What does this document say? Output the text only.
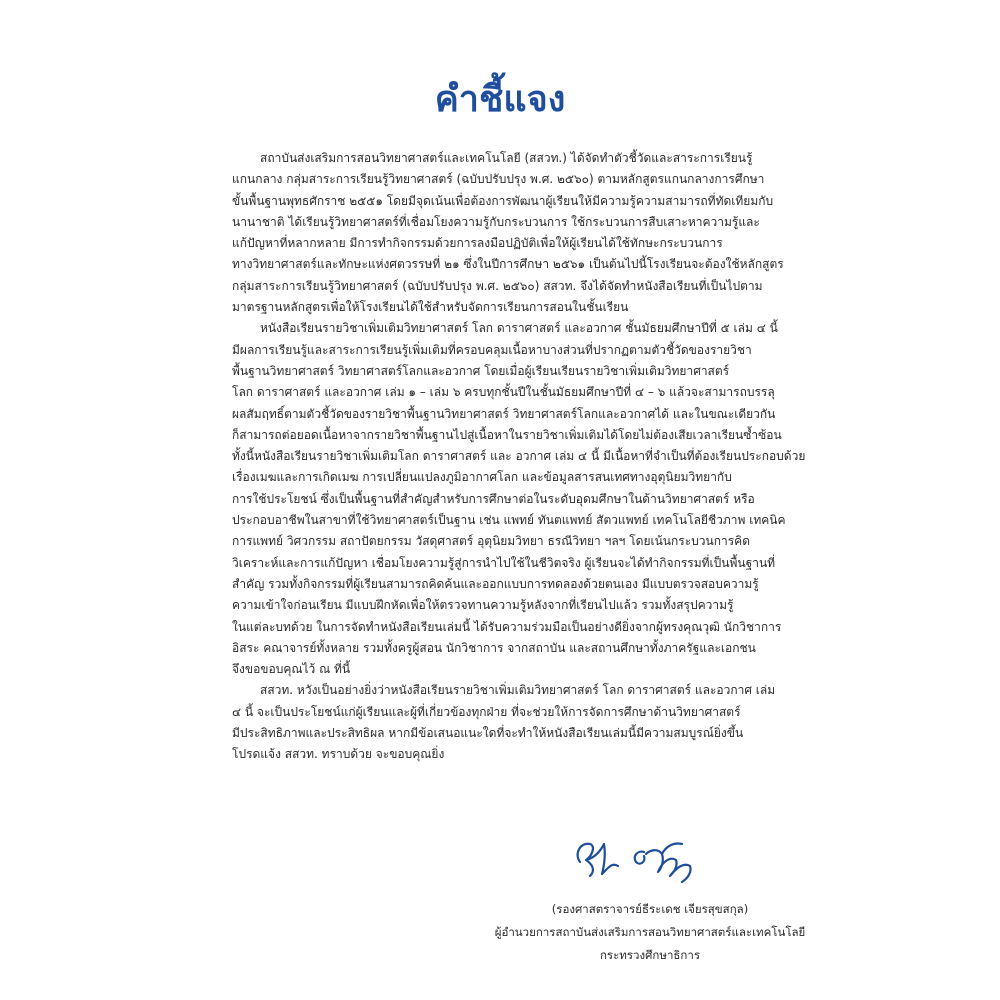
คำชี้แจง
สถาบันส่งเสริมการสอนวิทยาศาสตร์และเทคโนโลยี (สสวท.) ได้จัดทำตัวชี้วัดและสาระการเรียนรู้
แกนกลาง กลุ่มสาระการเรียนรู้วิทยาศาสตร์ (ฉบับปรับปรุง พ.ศ. ๒๕๖๐) ตามหลักสูตรแกนกลางการศึกษา
ขั้นพื้นฐานพุทธศักราช ๒๕๕๑ โดยมีจุดเน้นเพื่อต้องการพัฒนาผู้เรียนให้มีความรู้ความสามารถที่ทัดเทียมกับ
นานาชาติ ได้เรียนรู้วิทยาศาสตร์ที่เชื่อมโยงความรู้กับกระบวนการ ใช้กระบวนการสืบเสาะหาความรู้และ
แก้ปัญหาที่หลากหลาย มีการทำกิจกรรมด้วยการลงมือปฏิบัติเพื่อให้ผู้เรียนได้ใช้ทักษะกระบวนการ
ทางวิทยาศาสตร์และทักษะแห่งศตวรรษที่ ๒๑ ซึ่งในปีการศึกษา ๒๕๖๑ เป็นต้นไปนี้โรงเรียนจะต้องใช้หลักสูตร
กลุ่มสาระการเรียนรู้วิทยาศาสตร์ (ฉบับปรับปรุง พ.ศ. ๒๕๖๐) สสวท. จึงได้จัดทำหนังสือเรียนที่เป็นไปตาม
มาตรฐานหลักสูตรเพื่อให้โรงเรียนได้ใช้สำหรับจัดการเรียนการสอนในชั้นเรียน
หนังสือเรียนรายวิชาเพิ่มเติมวิทยาศาสตร์ โลก ดาราศาสตร์ และอวกาศ ชั้นมัธยมศึกษาปีที่ ๕ เล่ม ๔ นี้
มีผลการเรียนรู้และสาระการเรียนรู้เพิ่มเติมที่ครอบคลุมเนื้อหาบางส่วนที่ปรากฏตามตัวชี้วัดของรายวิชา
พื้นฐานวิทยาศาสตร์ วิทยาศาสตร์โลกและอวกาศ โดยเมื่อผู้เรียนเรียนรายวิชาเพิ่มเติมวิทยาศาสตร์
โลก ดาราศาสตร์ และอวกาศ เล่ม ๑ – เล่ม ๖ ครบทุกชั้นปีในชั้นมัธยมศึกษาปีที่ ๔ – ๖ แล้วจะสามารถบรรลุ
ผลสัมฤทธิ์ตามตัวชี้วัดของรายวิชาพื้นฐานวิทยาศาสตร์ วิทยาศาสตร์โลกและอวกาศได้ และในขณะเดียวกัน
ก็สามารถต่อยอดเนื้อหาจากรายวิชาพื้นฐานไปสู่เนื้อหาในรายวิชาเพิ่มเติมได้โดยไม่ต้องเสียเวลาเรียนซ้ำซ้อน
ทั้งนี้หนังสือเรียนรายวิชาเพิ่มเติมโลก ดาราศาสตร์ และ อวกาศ เล่ม ๔ นี้ มีเนื้อหาที่จำเป็นที่ต้องเรียนประกอบด้วย
เรื่องเมฆและการเกิดเมฆ การเปลี่ยนแปลงภูมิอากาศโลก และข้อมูลสารสนเทศทางอุตุนิยมวิทยากับ
การใช้ประโยชน์ ซึ่งเป็นพื้นฐานที่สำคัญสำหรับการศึกษาต่อในระดับอุดมศึกษาในด้านวิทยาศาสตร์ หรือ
ประกอบอาชีพในสาขาที่ใช้วิทยาศาสตร์เป็นฐาน เช่น แพทย์ ทันตแพทย์ สัตวแพทย์ เทคโนโลยีชีวภาพ เทคนิค
การแพทย์ วิศวกรรม สถาปัตยกรรม วัสดุศาสตร์ อุตุนิยมวิทยา ธรณีวิทยา ฯลฯ โดยเน้นกระบวนการคิด
วิเคราะห์และการแก้ปัญหา เชื่อมโยงความรู้สู่การนำไปใช้ในชีวิตจริง ผู้เรียนจะได้ทำกิจกรรมที่เป็นพื้นฐานที่
สำคัญ รวมทั้งกิจกรรมที่ผู้เรียนสามารถคิดค้นและออกแบบการทดลองด้วยตนเอง มีแบบตรวจสอบความรู้
ความเข้าใจก่อนเรียน มีแบบฝึกหัดเพื่อให้ตรวจทานความรู้หลังจากที่เรียนไปแล้ว รวมทั้งสรุปความรู้
ในแต่ละบทด้วย ในการจัดทำหนังสือเรียนเล่มนี้ ได้รับความร่วมมือเป็นอย่างดียิ่งจากผู้ทรงคุณวุฒิ นักวิชาการ
อิสระ คณาจารย์ทั้งหลาย รวมทั้งครูผู้สอน นักวิชาการ จากสถาบัน และสถานศึกษาทั้งภาครัฐและเอกชน
จึงขอขอบคุณไว้ ณ ที่นี้
สสวท. หวังเป็นอย่างยิ่งว่าหนังสือเรียนรายวิชาเพิ่มเติมวิทยาศาสตร์ โลก ดาราศาสตร์ และอวกาศ เล่ม
๔ นี้ จะเป็นประโยชน์แก่ผู้เรียนและผู้ที่เกี่ยวข้องทุกฝ่าย ที่จะช่วยให้การจัดการศึกษาด้านวิทยาศาสตร์
มีประสิทธิภาพและประสิทธิผล หากมีข้อเสนอแนะใดที่จะทำให้หนังสือเรียนเล่มนี้มีความสมบูรณ์ยิ่งขึ้น
โปรดแจ้ง สสวท. ทราบด้วย จะขอบคุณยิ่ง
(รองศาสตราจารย์ธีระเดช เจียรสุขสกุล)
ผู้อำนวยการสถาบันส่งเสริมการสอนวิทยาศาสตร์และเทคโนโลยี
กระทรวงศึกษาธิการ
